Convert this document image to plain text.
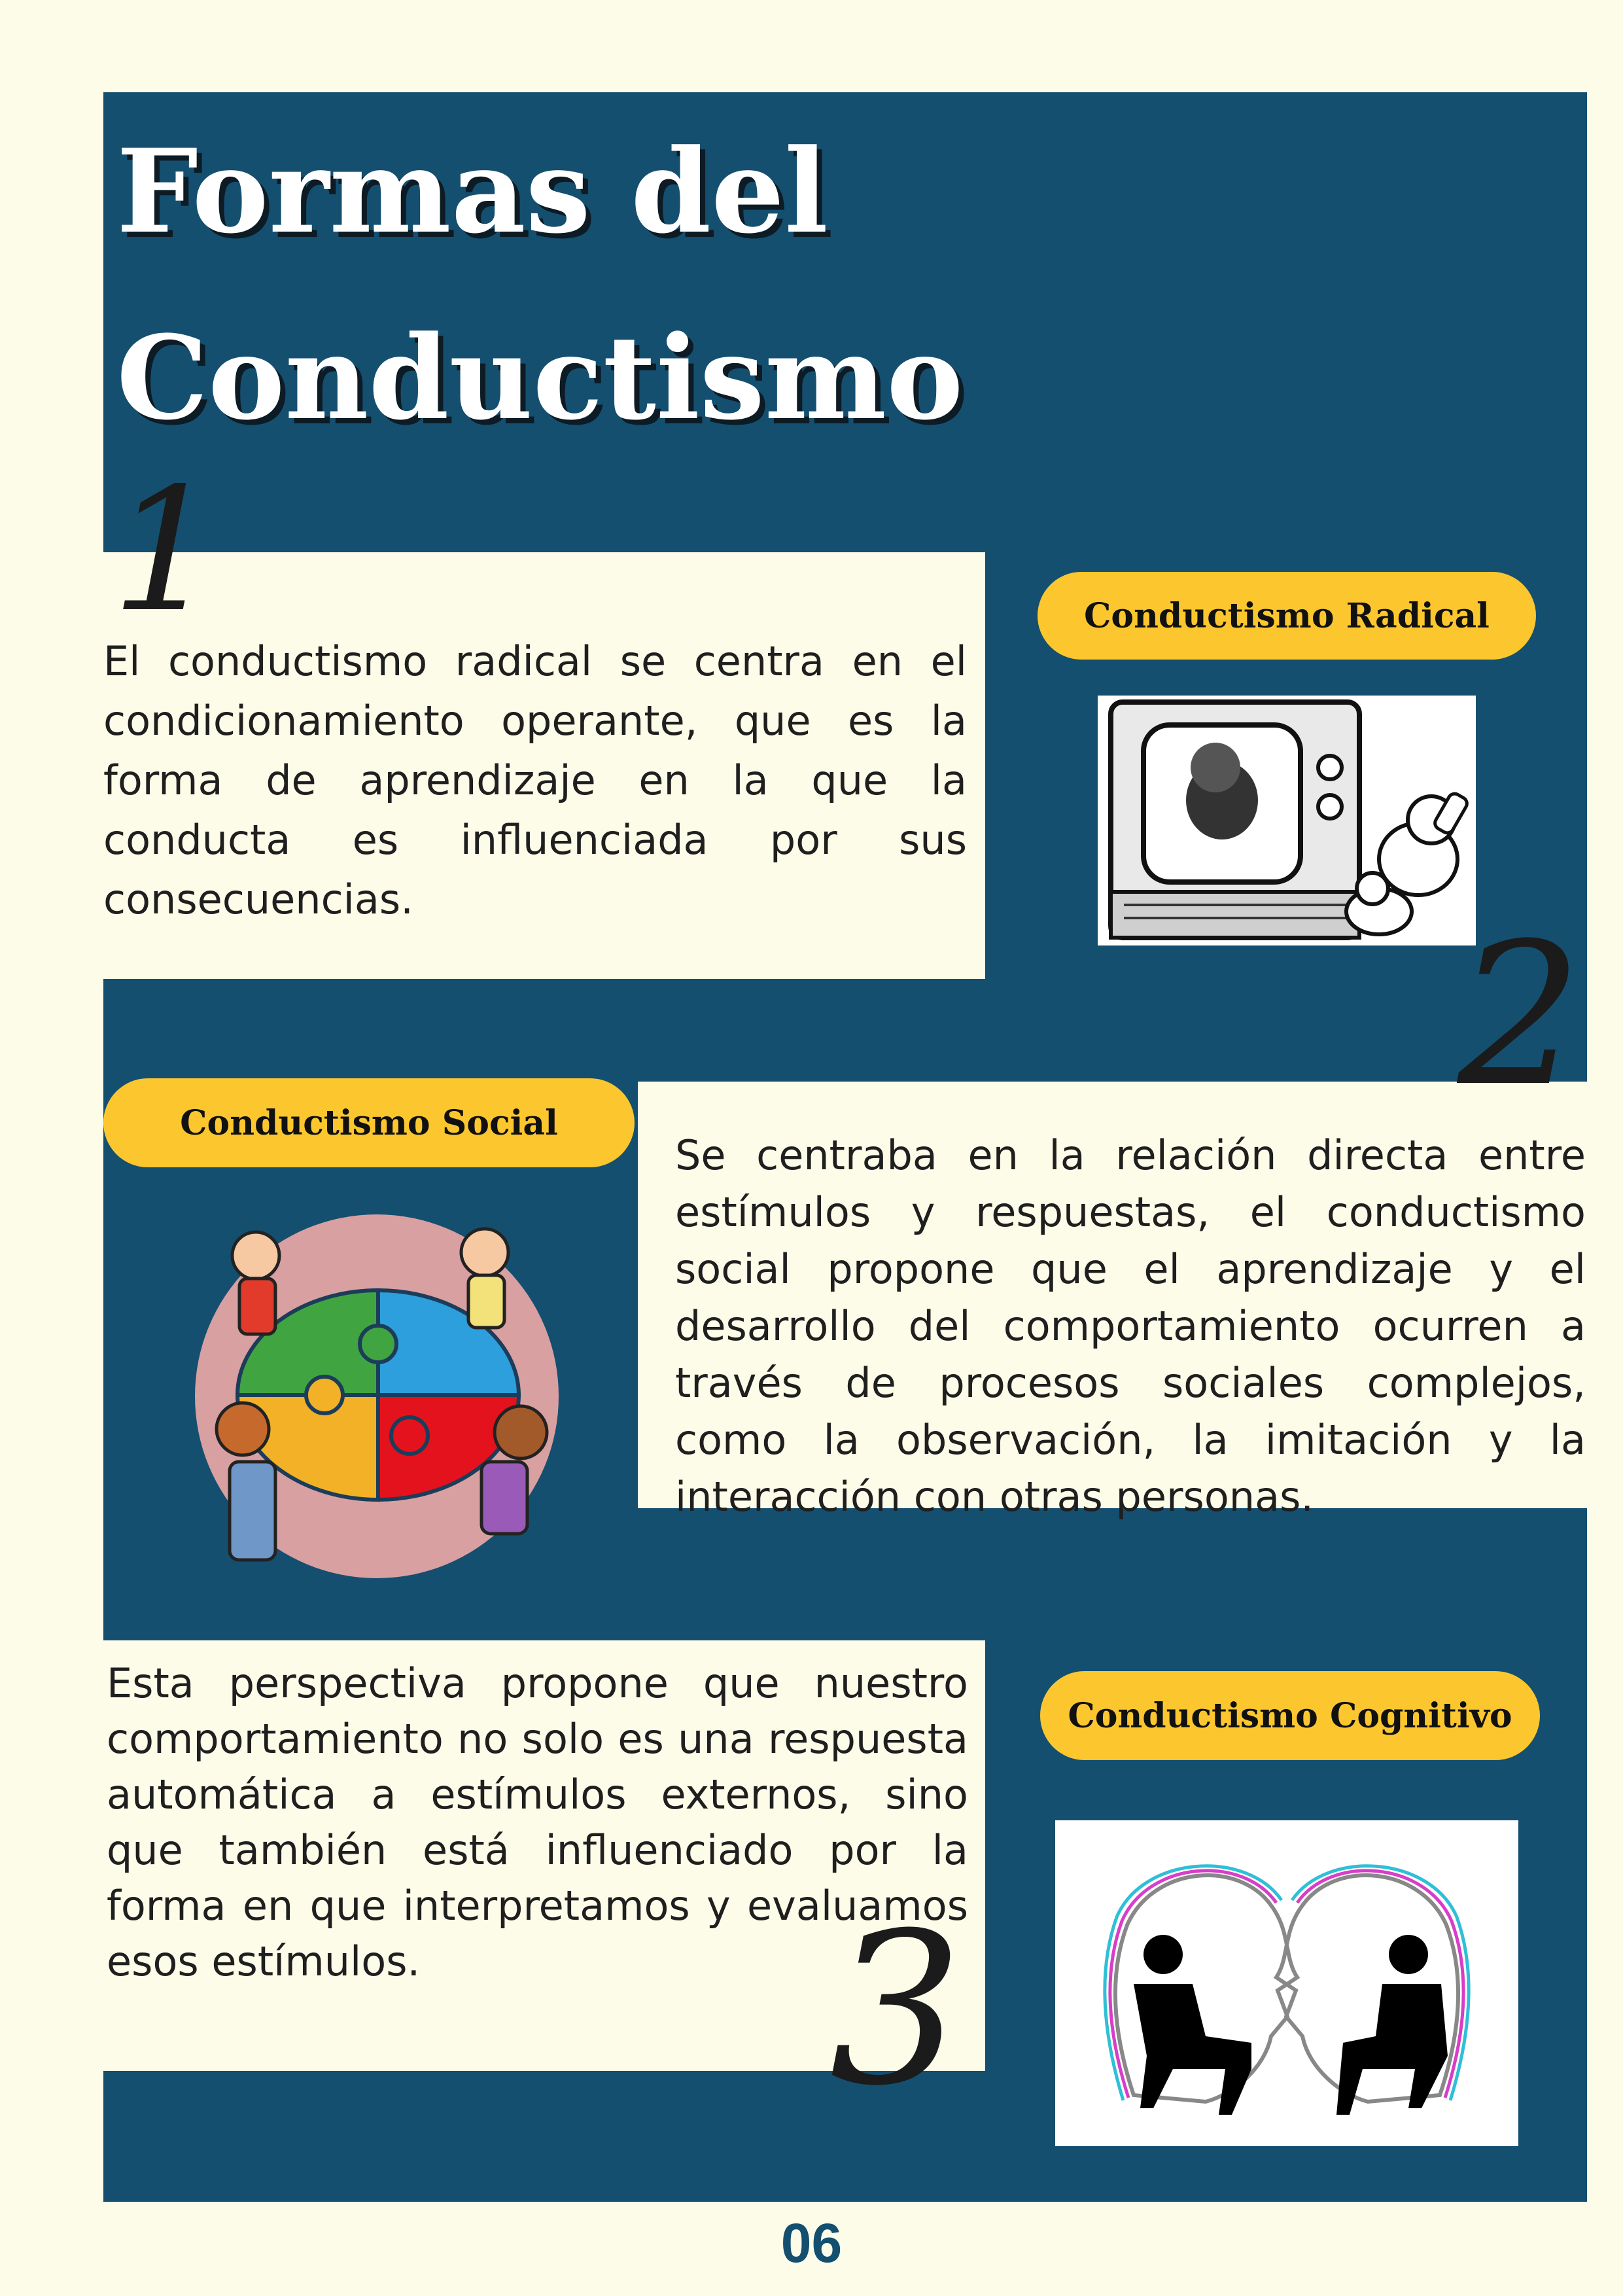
Formas del
Conductismo

El conductismo radical se centra en el condicionamiento operante, que es la forma de aprendizaje en la que la conducta es influenciada por sus consecuencias.

1	Conductismo Radical

Se centraba en la relación directa entre estímulos y respuestas, el conductismo social propone que el aprendizaje y el desarrollo del comportamiento ocurren a través de procesos sociales complejos, como la observación, la imitación y la interacción con otras personas.

2

Conductismo Social

Esta perspectiva propone que nuestro comportamiento no solo es una respuesta automática a estímulos externos, sino que también está influenciado por la forma en que interpretamos y evaluamos esos estímulos.	3

Conductismo Cognitivo
06
